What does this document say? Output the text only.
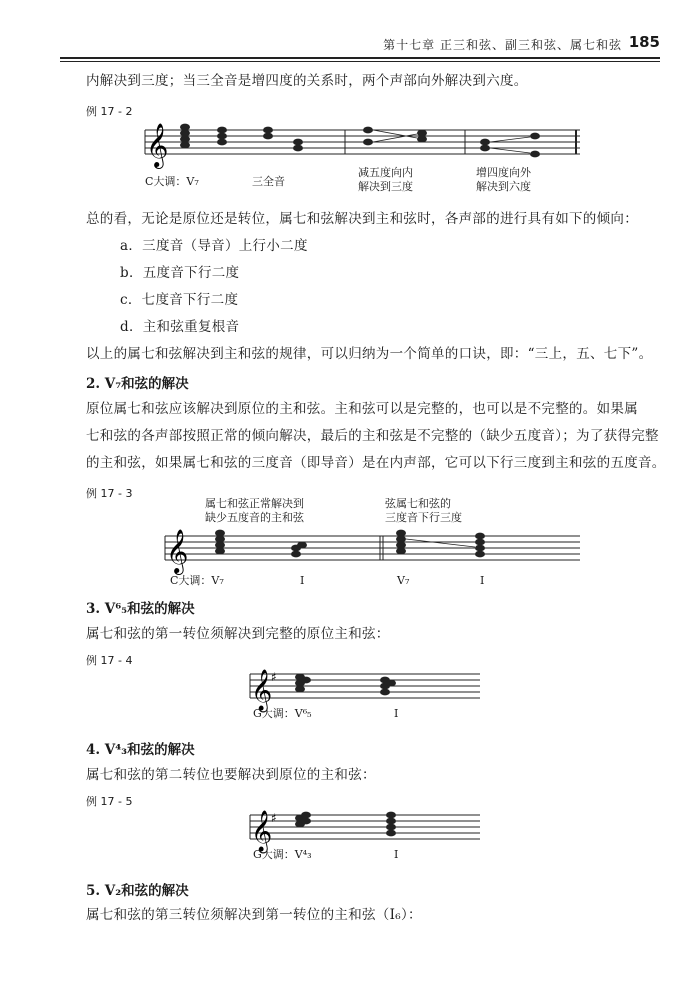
第十七章 正三和弦、副三和弦、属七和弦 185
内解决到三度；当三全音是增四度的关系时，两个声部向外解决到六度。
例 17 - 2
𝄞
C大调：V₇	三全音
减五度向内
解决到三度
增四度向外
解决到六度
总的看，无论是原位还是转位，属七和弦解决到主和弦时，各声部的进行具有如下的倾向：
a．三度音（导音）上行小二度
b．五度音下行二度
c．七度音下行二度
d．主和弦重复根音
以上的属七和弦解决到主和弦的规律，可以归纳为一个简单的口诀，即：“三上，五、七下”。
2. V₇和弦的解决
原位属七和弦应该解决到原位的主和弦。主和弦可以是完整的，也可以是不完整的。如果属
七和弦的各声部按照正常的倾向解决，最后的主和弦是不完整的（缺少五度音）；为了获得完整
的主和弦，如果属七和弦的三度音（即导音）是在内声部，它可以下行三度到主和弦的五度音。
例 17 - 3
属七和弦正常解决到
缺少五度音的主和弦
弦属七和弦的
三度音下行三度
𝄞
C大调：V₇	Ⅰ	V₇	Ⅰ
3. V⁶₅和弦的解决
属七和弦的第一转位须解决到完整的原位主和弦：
例 17 - 4
𝄞
♯
G大调：V⁶₅	Ⅰ
4. V⁴₃和弦的解决
属七和弦的第二转位也要解决到原位的主和弦：
例 17 - 5
𝄞
♯
G大调：V⁴₃	Ⅰ
5. V₂和弦的解决
属七和弦的第三转位须解决到第一转位的主和弦（Ⅰ₆）：
